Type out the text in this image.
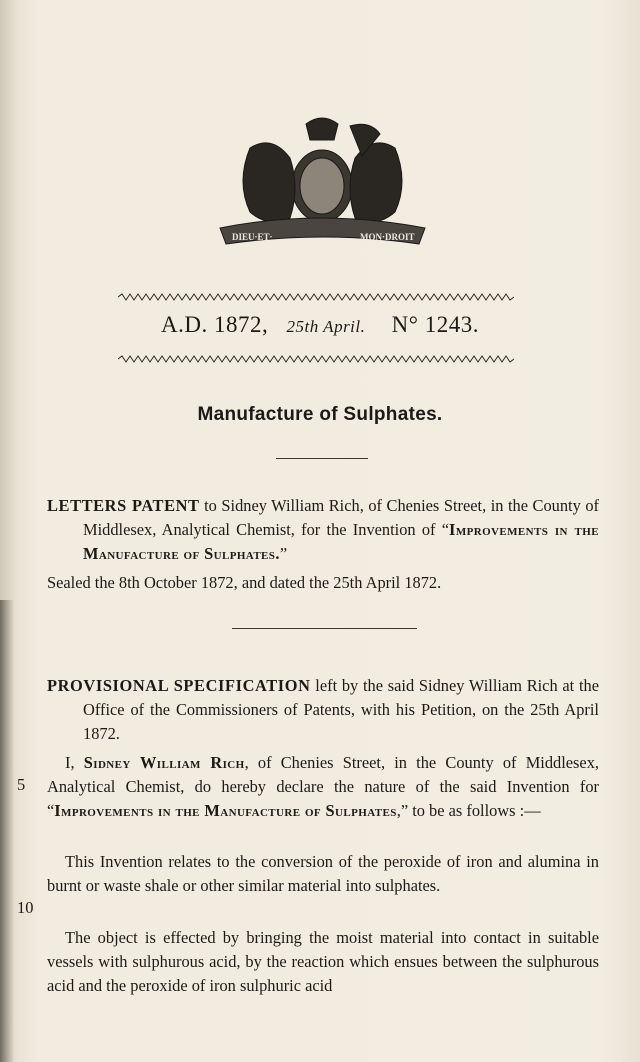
DIEU·ET·	MON·DROIT
A.D. 1872, 25th April. N° 1243.
Manufacture of Sulphates.
LETTERS PATENT to Sidney William Rich, of Chenies Street, in the County of Middlesex, Analytical Chemist, for the Invention of “Improvements in the Manufacture of Sulphates.”
Sealed the 8th October 1872, and dated the 25th April 1872.
PROVISIONAL SPECIFICATION left by the said Sidney William Rich at the Office of the Commissioners of Patents, with his Petition, on the 25th April 1872.
I, Sidney William Rich, of Chenies Street, in the County of Middlesex, Analytical Chemist, do hereby declare the nature of the said Invention for “Improvements in the Manufacture of Sulphates,” to be as follows :—
This Invention relates to the conversion of the peroxide of iron and alumina in burnt or waste shale or other similar material into sulphates.
The object is effected by bringing the moist material into contact in suitable vessels with sulphurous acid, by the reaction which ensues between the sulphurous acid and the peroxide of iron sulphuric acid
5
10
